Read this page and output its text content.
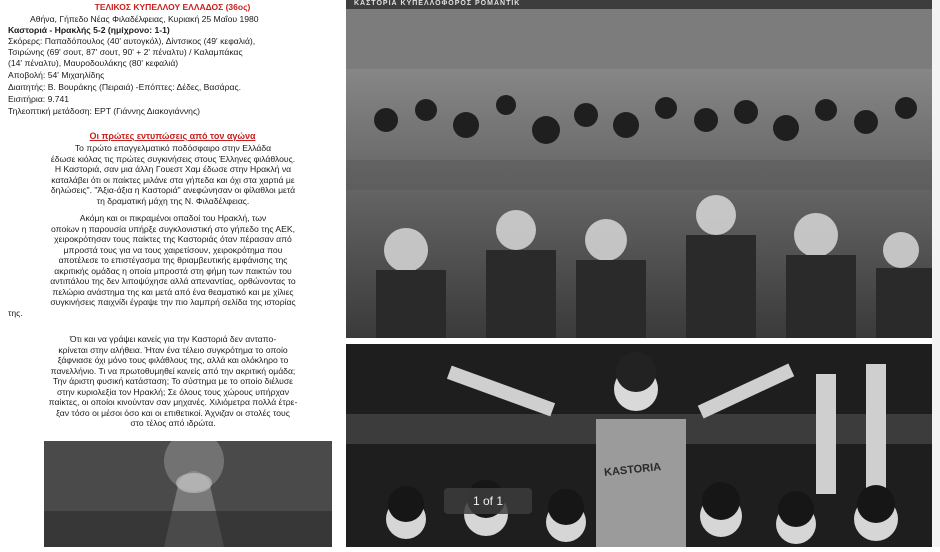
ΤΕΛΙΚΟΣ ΚΥΠΕΛΛΟΥ ΕΛΛΑΔΟΣ (36ος)
Αθήνα, Γήπεδο Νέας Φιλαδέλφειας, Κυριακή 25 Μαΐου 1980
Καστοριά - Ηρακλής 5-2 (ημίχρονο: 1-1)
Σκόρερς: Παπαδόπουλος (40' αυτογκόλ), Δίντσικος (49' κεφαλιά),
Τσιρώνης (69' σουτ, 87' σουτ, 90' + 2' πέναλτυ) / Καλαμπάκας
(14' πέναλτυ), Μαυροδουλάκης (80' κεφαλιά)
Αποβολή: 54' Μιχαηλίδης
Διαιτητής: Β. Βουράκης (Πειραιά) -Επόπτες: Δέδες, Βασάρας.
Εισιτήρια: 9.741
Τηλεοπτική μετάδοση: ΕΡΤ (Γιάννης Διακογιάννης)
Οι πρώτες εντυπώσεις από τον αγώνα
Το πρώτο επαγγελματικό ποδόσφαιρο στην Ελλάδα
έδωσε κιόλας τις πρώτες συγκινήσεις στους Έλληνες φιλάθλους.
Η Καστοριά, σαν μια άλλη Γουεστ Χαμ έδωσε στην Ηρακλή να
καταλάβει ότι οι παίκτες μιλάνε στα γήπεδα και όχι στα χαρτιά με
δηλώσεις". "Άξια-άξια η Καστοριά" ανεφώνησαν οι φίλαθλοι μετά
τη δραματική μάχη της Ν. Φιλαδέλφειας.
Ακόμη και οι πικραμένοι οπαδοί του Ηρακλή, των
οποίων η παρουσία υπήρξε συγκλονιστική στο γήπεδο της ΑΕΚ,
χειροκρότησαν τους παίκτες της Καστοριάς όταν πέρασαν από
μπροστά τους για να τους χαιρετίσουν, χειροκρότημα που
αποτέλεσε το επιστέγασμα της θριαμβευτικής εμφάνισης της
ακριτικής ομάδας η οποία μπροστά στη φήμη των παικτών του
αντιπάλου της δεν λιποψύχησε αλλά απεναντίας, ορθώνοντας το
πελώριο ανάστημα της και μετά από ένα θεαματικό και με χίλιες
συγκινήσεις παιχνίδι έγραψε την πιο λαμπρή σελίδα της ιστορίας
της.
Ότι και να γράψει κανείς για την Καστοριά δεν ανταπο-
κρίνεται στην αλήθεια. Ήταν ένα τέλειο συγκρότημα το οποίο
ξάφνιασε όχι μόνο τους φιλάθλους της, αλλά και ολόκληρο το
πανελλήνιο. Τι να πρωτοθυμηθεί κανείς από την ακριτική ομάδα;
Την άριστη φυσική κατάσταση; Το σύστημα με το οποίο διέλυσε
στην κυριολεξία τον Ηρακλή; Σε όλους τους χώρους υπήρχαν
παίκτες, οι οποίοι κινούνταν σαν μηχανές. Χιλιόμετρα πολλά έτρε-
ξαν τόσο οι μέσοι όσο και οι επιθετικοί. Άχνιζαν οι στολές τους
στο τέλος από ιδρώτα.
ΚΑΣΤΟΡΙΑ ΚΥΠΕΛΛΟΦΟΡΟΣ ΡΟΜΑΝΤΙΚ
KASTORIA
1 of 1
